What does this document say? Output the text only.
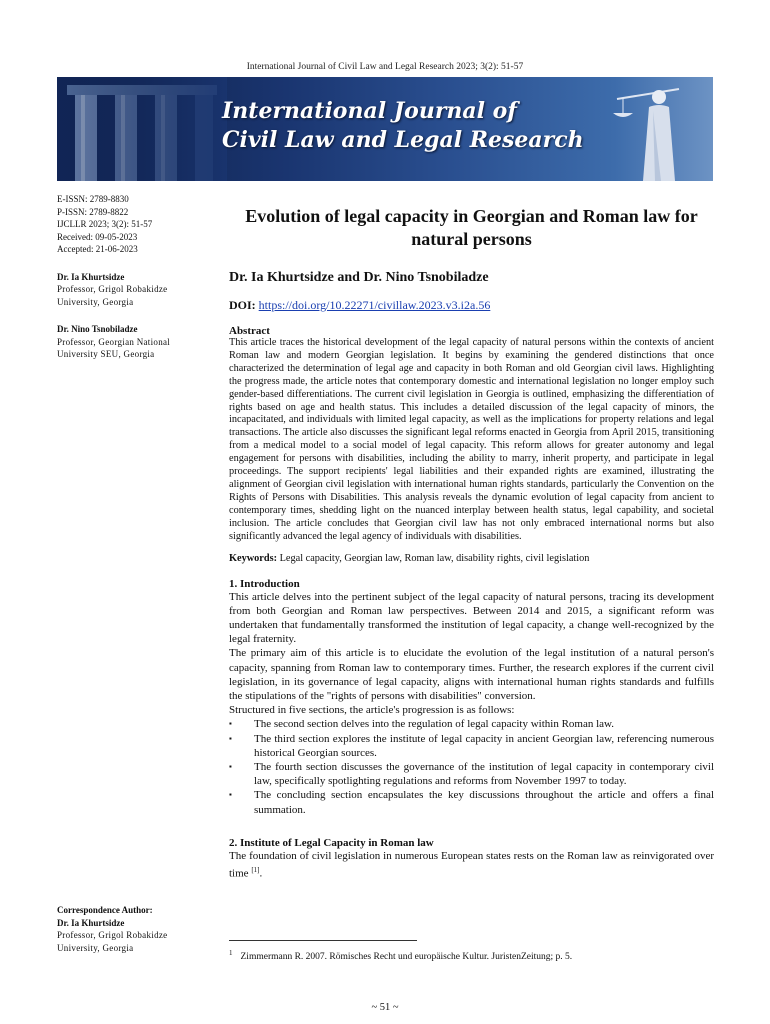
International Journal of Civil Law and Legal Research 2023; 3(2): 51-57
International Journal of
Civil Law and Legal Research
E-ISSN: 2789-8830
P-ISSN: 2789-8822
IJCLLR 2023; 3(2): 51-57
Received: 09-05-2023
Accepted: 21-06-2023
Dr. Ia Khurtsidze
Professor, Grigol Robakidze University, Georgia
Dr. Nino Tsnobiladze
Professor, Georgian National University SEU, Georgia
Correspondence Author:
Dr. Ia Khurtsidze
Professor, Grigol Robakidze University, Georgia
Evolution of legal capacity in Georgian and Roman law for natural persons
Dr. Ia Khurtsidze and Dr. Nino Tsnobiladze
DOI: https://doi.org/10.22271/civillaw.2023.v3.i2a.56
Abstract

This article traces the historical development of the legal capacity of natural persons within the contexts of ancient Roman law and modern Georgian legislation. It begins by examining the gendered distinctions that once characterized the determination of legal age and capacity in both Roman and old Georgian civil laws. Highlighting the progress made, the article notes that contemporary domestic and international legislation no longer employ such gender-based differentiations. The current civil legislation in Georgia is outlined, emphasizing the differentiation of rights based on age and health status. This includes a detailed discussion of the legal capacity of minors, the incapacitated, and individuals with limited legal capacity, as well as the implications for property relations and legal transactions. The article also discusses the significant legal reforms enacted in Georgia from April 2015, transitioning from a medical model to a social model of legal capacity. This reform allows for greater autonomy and legal engagement for persons with disabilities, including the ability to marry, inherit property, and participate in legal proceedings. The support recipients' legal liabilities and their expanded rights are examined, illustrating the alignment of Georgian civil legislation with international human rights standards, particularly the Convention on the Rights of Persons with Disabilities. This analysis reveals the dynamic evolution of legal capacity from ancient to contemporary times, shedding light on the nuanced interplay between health status, legal capability, and societal inclusion. The article concludes that Georgian civil law has not only embraced international norms but also significantly advanced the legal agency of individuals with disabilities.

Keywords: Legal capacity, Georgian law, Roman law, disability rights, civil legislation
1. Introduction

This article delves into the pertinent subject of the legal capacity of natural persons, tracing its development from both Georgian and Roman law perspectives. Between 2014 and 2015, a significant reform was undertaken that fundamentally transformed the institution of legal capacity, a change well-recognized by the legal fraternity.

The primary aim of this article is to elucidate the evolution of the legal institution of a natural person's capacity, spanning from Roman law to contemporary times. Further, the research explores if the current civil legislation, in its governance of legal capacity, aligns with international human rights standards and fulfills the stipulations of the "rights of persons with disabilities" conversion.

Structured in five sections, the article's progression is as follows:

▪ The second section delves into the regulation of legal capacity within Roman law.
▪ The third section explores the institute of legal capacity in ancient Georgian law, referencing numerous historical Georgian sources.
▪ The fourth section discusses the governance of the institution of legal capacity in contemporary civil law, specifically spotlighting regulations and reforms from November 1997 to today.
▪ The concluding section encapsulates the key discussions throughout the article and offers a final summation.
2. Institute of Legal Capacity in Roman law

The foundation of civil legislation in numerous European states rests on the Roman law as reinvigorated over time [1].

$^1$ Zimmermann R. 2007. Römisches Recht und europäische Kultur. JuristenZeitung; p. 5.
~ 51 ~
